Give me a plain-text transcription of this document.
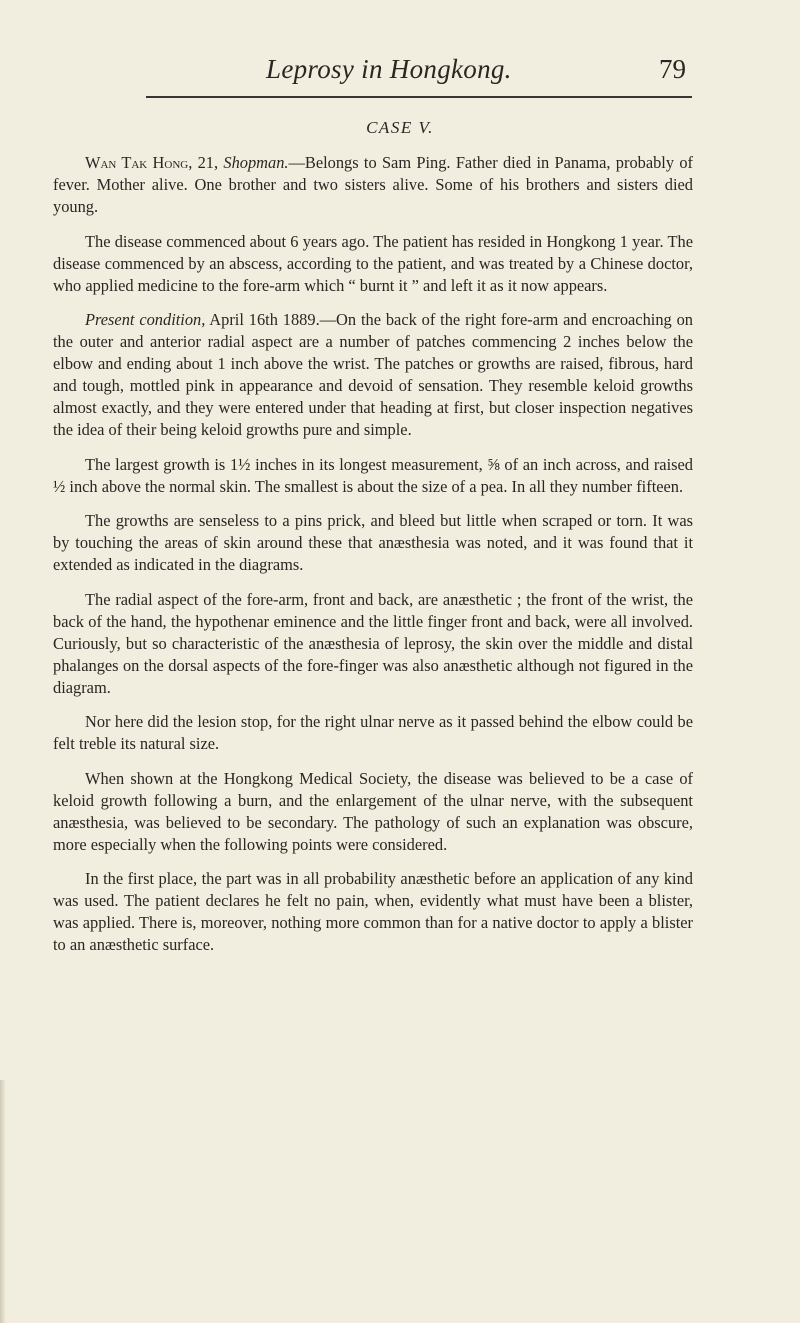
Leprosy in Hongkong.	79
CASE V.

Wan Tak Hong, 21, Shopman.—Belongs to Sam Ping. Father died in Panama, probably of fever. Mother alive. One brother and two sisters alive. Some of his brothers and sisters died young.

The disease commenced about 6 years ago. The patient has resided in Hongkong 1 year. The disease commenced by an abscess, according to the patient, and was treated by a Chinese doctor, who applied medicine to the fore-arm which “ burnt it ” and left it as it now appears.

Present condition, April 16th 1889.—On the back of the right fore-arm and encroaching on the outer and anterior radial aspect are a number of patches commencing 2 inches below the elbow and ending about 1 inch above the wrist. The patches or growths are raised, fibrous, hard and tough, mottled pink in appearance and devoid of sensation. They resemble keloid growths almost exactly, and they were entered under that heading at first, but closer inspection negatives the idea of their being keloid growths pure and simple.

The largest growth is 1½ inches in its longest measurement, ⅝ of an inch across, and raised ½ inch above the normal skin. The smallest is about the size of a pea. In all they number fifteen.

The growths are senseless to a pins prick, and bleed but little when scraped or torn. It was by touching the areas of skin around these that anæsthesia was noted, and it was found that it extended as indicated in the diagrams.

The radial aspect of the fore-arm, front and back, are anæsthetic ; the front of the wrist, the back of the hand, the hypothenar eminence and the little finger front and back, were all involved. Curiously, but so characteristic of the anæsthesia of leprosy, the skin over the middle and distal phalanges on the dorsal aspects of the fore-finger was also anæsthetic although not figured in the diagram.

Nor here did the lesion stop, for the right ulnar nerve as it passed behind the elbow could be felt treble its natural size.

When shown at the Hongkong Medical Society, the disease was believed to be a case of keloid growth following a burn, and the enlargement of the ulnar nerve, with the subsequent anæsthesia, was believed to be secondary. The pathology of such an explanation was obscure, more especially when the following points were considered.

In the first place, the part was in all probability anæsthetic before an application of any kind was used. The patient declares he felt no pain, when, evidently what must have been a blister, was applied. There is, moreover, nothing more common than for a native doctor to apply a blister to an anæsthetic surface.
